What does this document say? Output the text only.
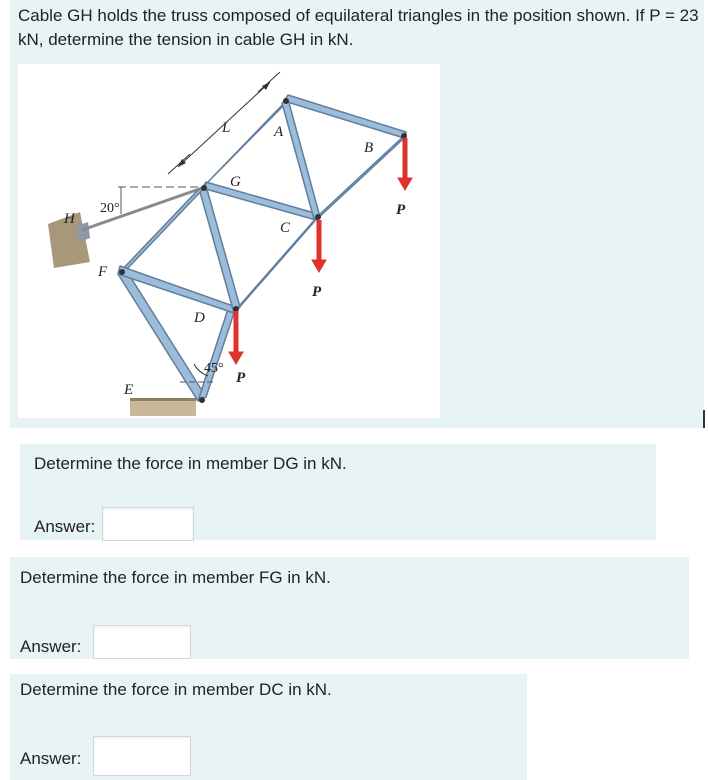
Cable GH holds the truss composed of equilateral triangles in the position shown. If P = 23 kN, determine the tension in cable GH in kN.
L	A
B
G
C
D
E
F
H
P
P
P
20°
45°
Determine the force in member DG in kN.
Answer:
Determine the force in member FG in kN.
Answer:
Determine the force in member DC in kN.
Answer:
